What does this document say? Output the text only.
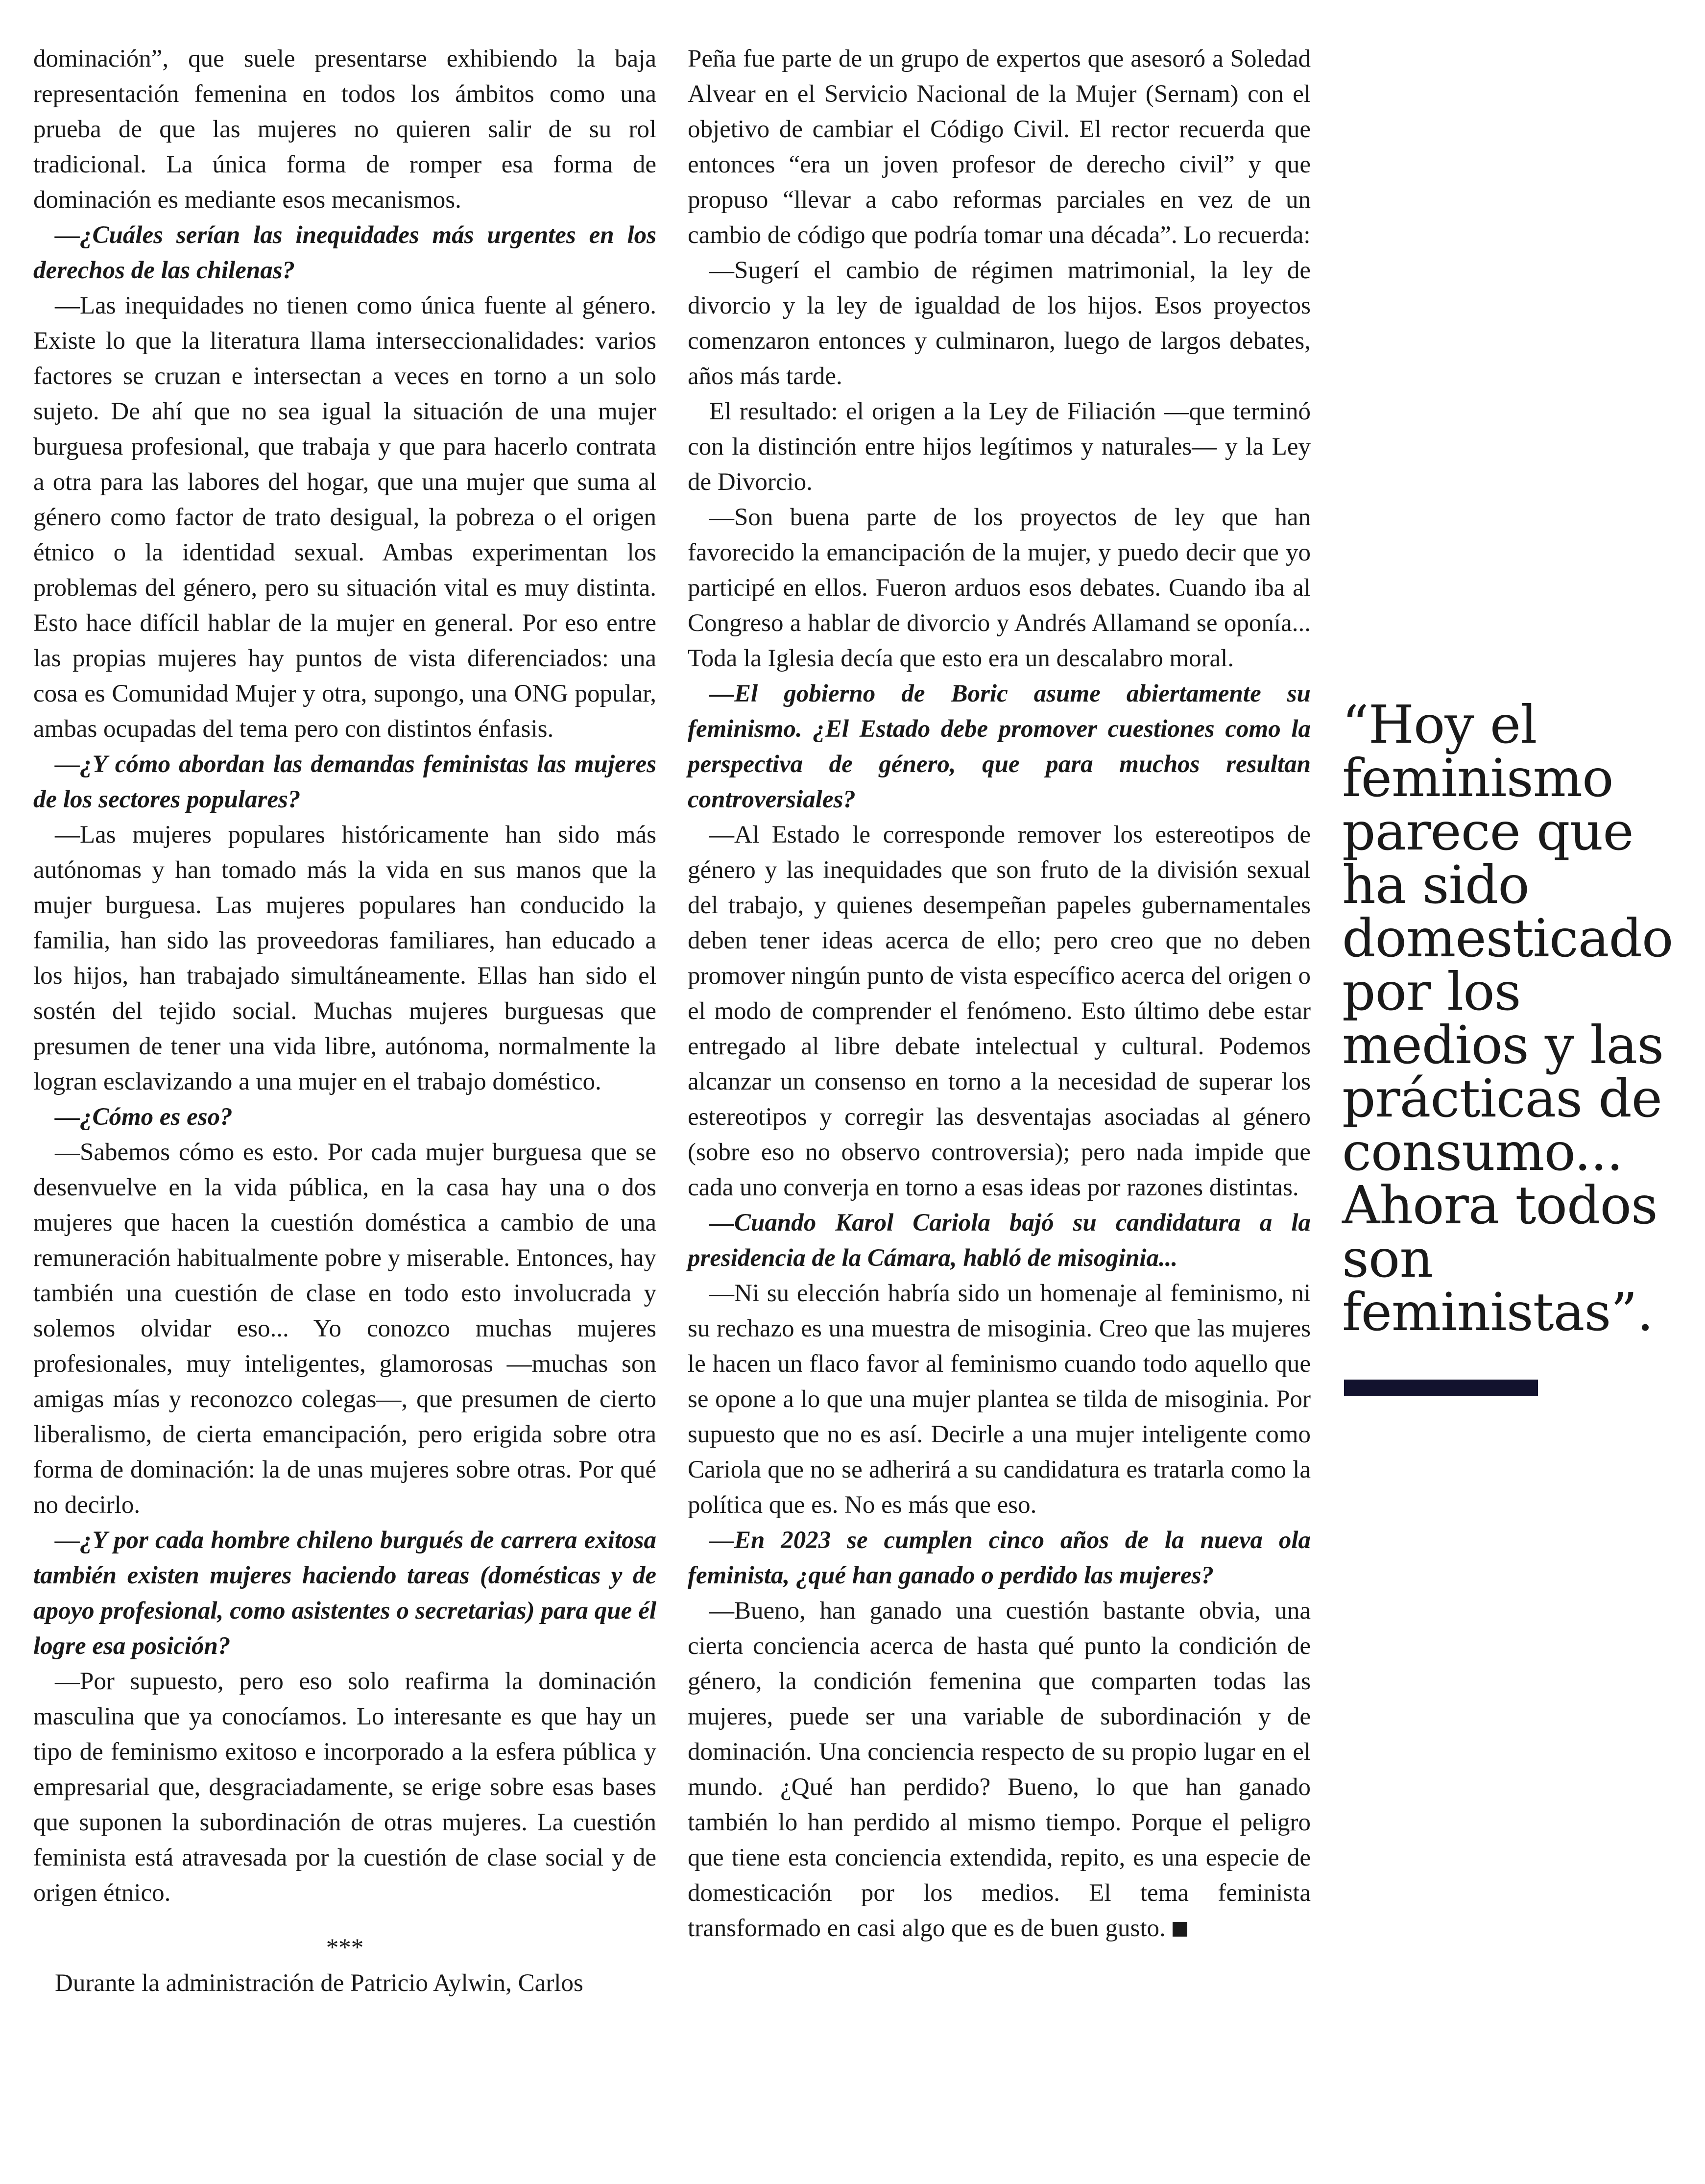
dominación”, que suele presentarse exhibiendo la baja representación femenina en todos los ámbitos como una prueba de que las mujeres no quieren salir de su rol tradicional. La única forma de romper esa forma de dominación es mediante esos mecanismos.

—¿Cuáles serían las inequidades más urgentes en los derechos de las chilenas?

—Las inequidades no tienen como única fuente al género. Existe lo que la literatura llama interseccionalidades: varios factores se cruzan e intersectan a veces en torno a un solo sujeto. De ahí que no sea igual la situación de una mujer burguesa profesional, que trabaja y que para hacerlo contrata a otra para las labores del hogar, que una mujer que suma al género como factor de trato desigual, la pobreza o el origen étnico o la identidad sexual. Ambas experimentan los problemas del género, pero su situación vital es muy distinta. Esto hace difícil hablar de la mujer en general. Por eso entre las propias mujeres hay puntos de vista diferenciados: una cosa es Comunidad Mujer y otra, supongo, una ONG popular, ambas ocupadas del tema pero con distintos énfasis.

—¿Y cómo abordan las demandas feministas las mujeres de los sectores populares?

—Las mujeres populares históricamente han sido más autónomas y han tomado más la vida en sus manos que la mujer burguesa. Las mujeres populares han conducido la familia, han sido las proveedoras familiares, han educado a los hijos, han trabajado simultáneamente. Ellas han sido el sostén del tejido social. Muchas mujeres burguesas que presumen de tener una vida libre, autónoma, normalmente la logran esclavizando a una mujer en el trabajo doméstico.

—¿Cómo es eso?

—Sabemos cómo es esto. Por cada mujer burguesa que se desenvuelve en la vida pública, en la casa hay una o dos mujeres que hacen la cuestión doméstica a cambio de una remuneración habitualmente pobre y miserable. Entonces, hay también una cuestión de clase en todo esto involucrada y solemos olvidar eso... Yo conozco muchas mujeres profesionales, muy inteligentes, glamorosas —muchas son amigas mías y reconozco colegas—, que presumen de cierto liberalismo, de cierta emancipación, pero erigida sobre otra forma de dominación: la de unas mujeres sobre otras. Por qué no decirlo.

—¿Y por cada hombre chileno burgués de carrera exitosa también existen mujeres haciendo tareas (domésticas y de apoyo profesional, como asistentes o secretarias) para que él logre esa posición?

—Por supuesto, pero eso solo reafirma la dominación masculina que ya conocíamos. Lo interesante es que hay un tipo de feminismo exitoso e incorporado a la esfera pública y empresarial que, desgraciadamente, se erige sobre esas bases que suponen la subordinación de otras mujeres. La cuestión feminista está atravesada por la cuestión de clase social y de origen étnico.

***

Durante la administración de Patricio Aylwin, Carlos

Peña fue parte de un grupo de expertos que asesoró a Soledad Alvear en el Servicio Nacional de la Mujer (Sernam) con el objetivo de cambiar el Código Civil. El rector recuerda que entonces “era un joven profesor de derecho civil” y que propuso “llevar a cabo reformas parciales en vez de un cambio de código que podría tomar una década”. Lo recuerda:

—Sugerí el cambio de régimen matrimonial, la ley de divorcio y la ley de igualdad de los hijos. Esos proyectos comenzaron entonces y culminaron, luego de largos debates, años más tarde.

El resultado: el origen a la Ley de Filiación —que terminó con la distinción entre hijos legítimos y naturales— y la Ley de Divorcio.

—Son buena parte de los proyectos de ley que han favorecido la emancipación de la mujer, y puedo decir que yo participé en ellos. Fueron arduos esos debates. Cuando iba al Congreso a hablar de divorcio y Andrés Allamand se oponía... Toda la Iglesia decía que esto era un descalabro moral.

—El gobierno de Boric asume abiertamente su feminismo. ¿El Estado debe promover cuestiones como la perspectiva de género, que para muchos resultan controversiales?

—Al Estado le corresponde remover los estereotipos de género y las inequidades que son fruto de la división sexual del trabajo, y quienes desempeñan papeles gubernamentales deben tener ideas acerca de ello; pero creo que no deben promover ningún punto de vista específico acerca del origen o el modo de comprender el fenómeno. Esto último debe estar entregado al libre debate intelectual y cultural. Podemos alcanzar un consenso en torno a la necesidad de superar los estereotipos y corregir las desventajas asociadas al género (sobre eso no observo controversia); pero nada impide que cada uno converja en torno a esas ideas por razones distintas.

—Cuando Karol Cariola bajó su candidatura a la presidencia de la Cámara, habló de misoginia...

—Ni su elección habría sido un homenaje al feminismo, ni su rechazo es una muestra de misoginia. Creo que las mujeres le hacen un flaco favor al feminismo cuando todo aquello que se opone a lo que una mujer plantea se tilda de misoginia. Por supuesto que no es así. Decirle a una mujer inteligente como Cariola que no se adherirá a su candidatura es tratarla como la política que es. No es más que eso.

—En 2023 se cumplen cinco años de la nueva ola feminista, ¿qué han ganado o perdido las mujeres?

—Bueno, han ganado una cuestión bastante obvia, una cierta conciencia acerca de hasta qué punto la condición de género, la condición femenina que comparten todas las mujeres, puede ser una variable de subordinación y de dominación. Una conciencia respecto de su propio lugar en el mundo. ¿Qué han perdido? Bueno, lo que han ganado también lo han perdido al mismo tiempo. Porque el peligro que tiene esta conciencia extendida, repito, es una especie de domesticación por los medios. El tema feminista transformado en casi algo que es de buen gusto.

“Hoy el feminismo parece que ha sido domesticado por los medios y las prácticas de consumo... Ahora todos son feministas”.
